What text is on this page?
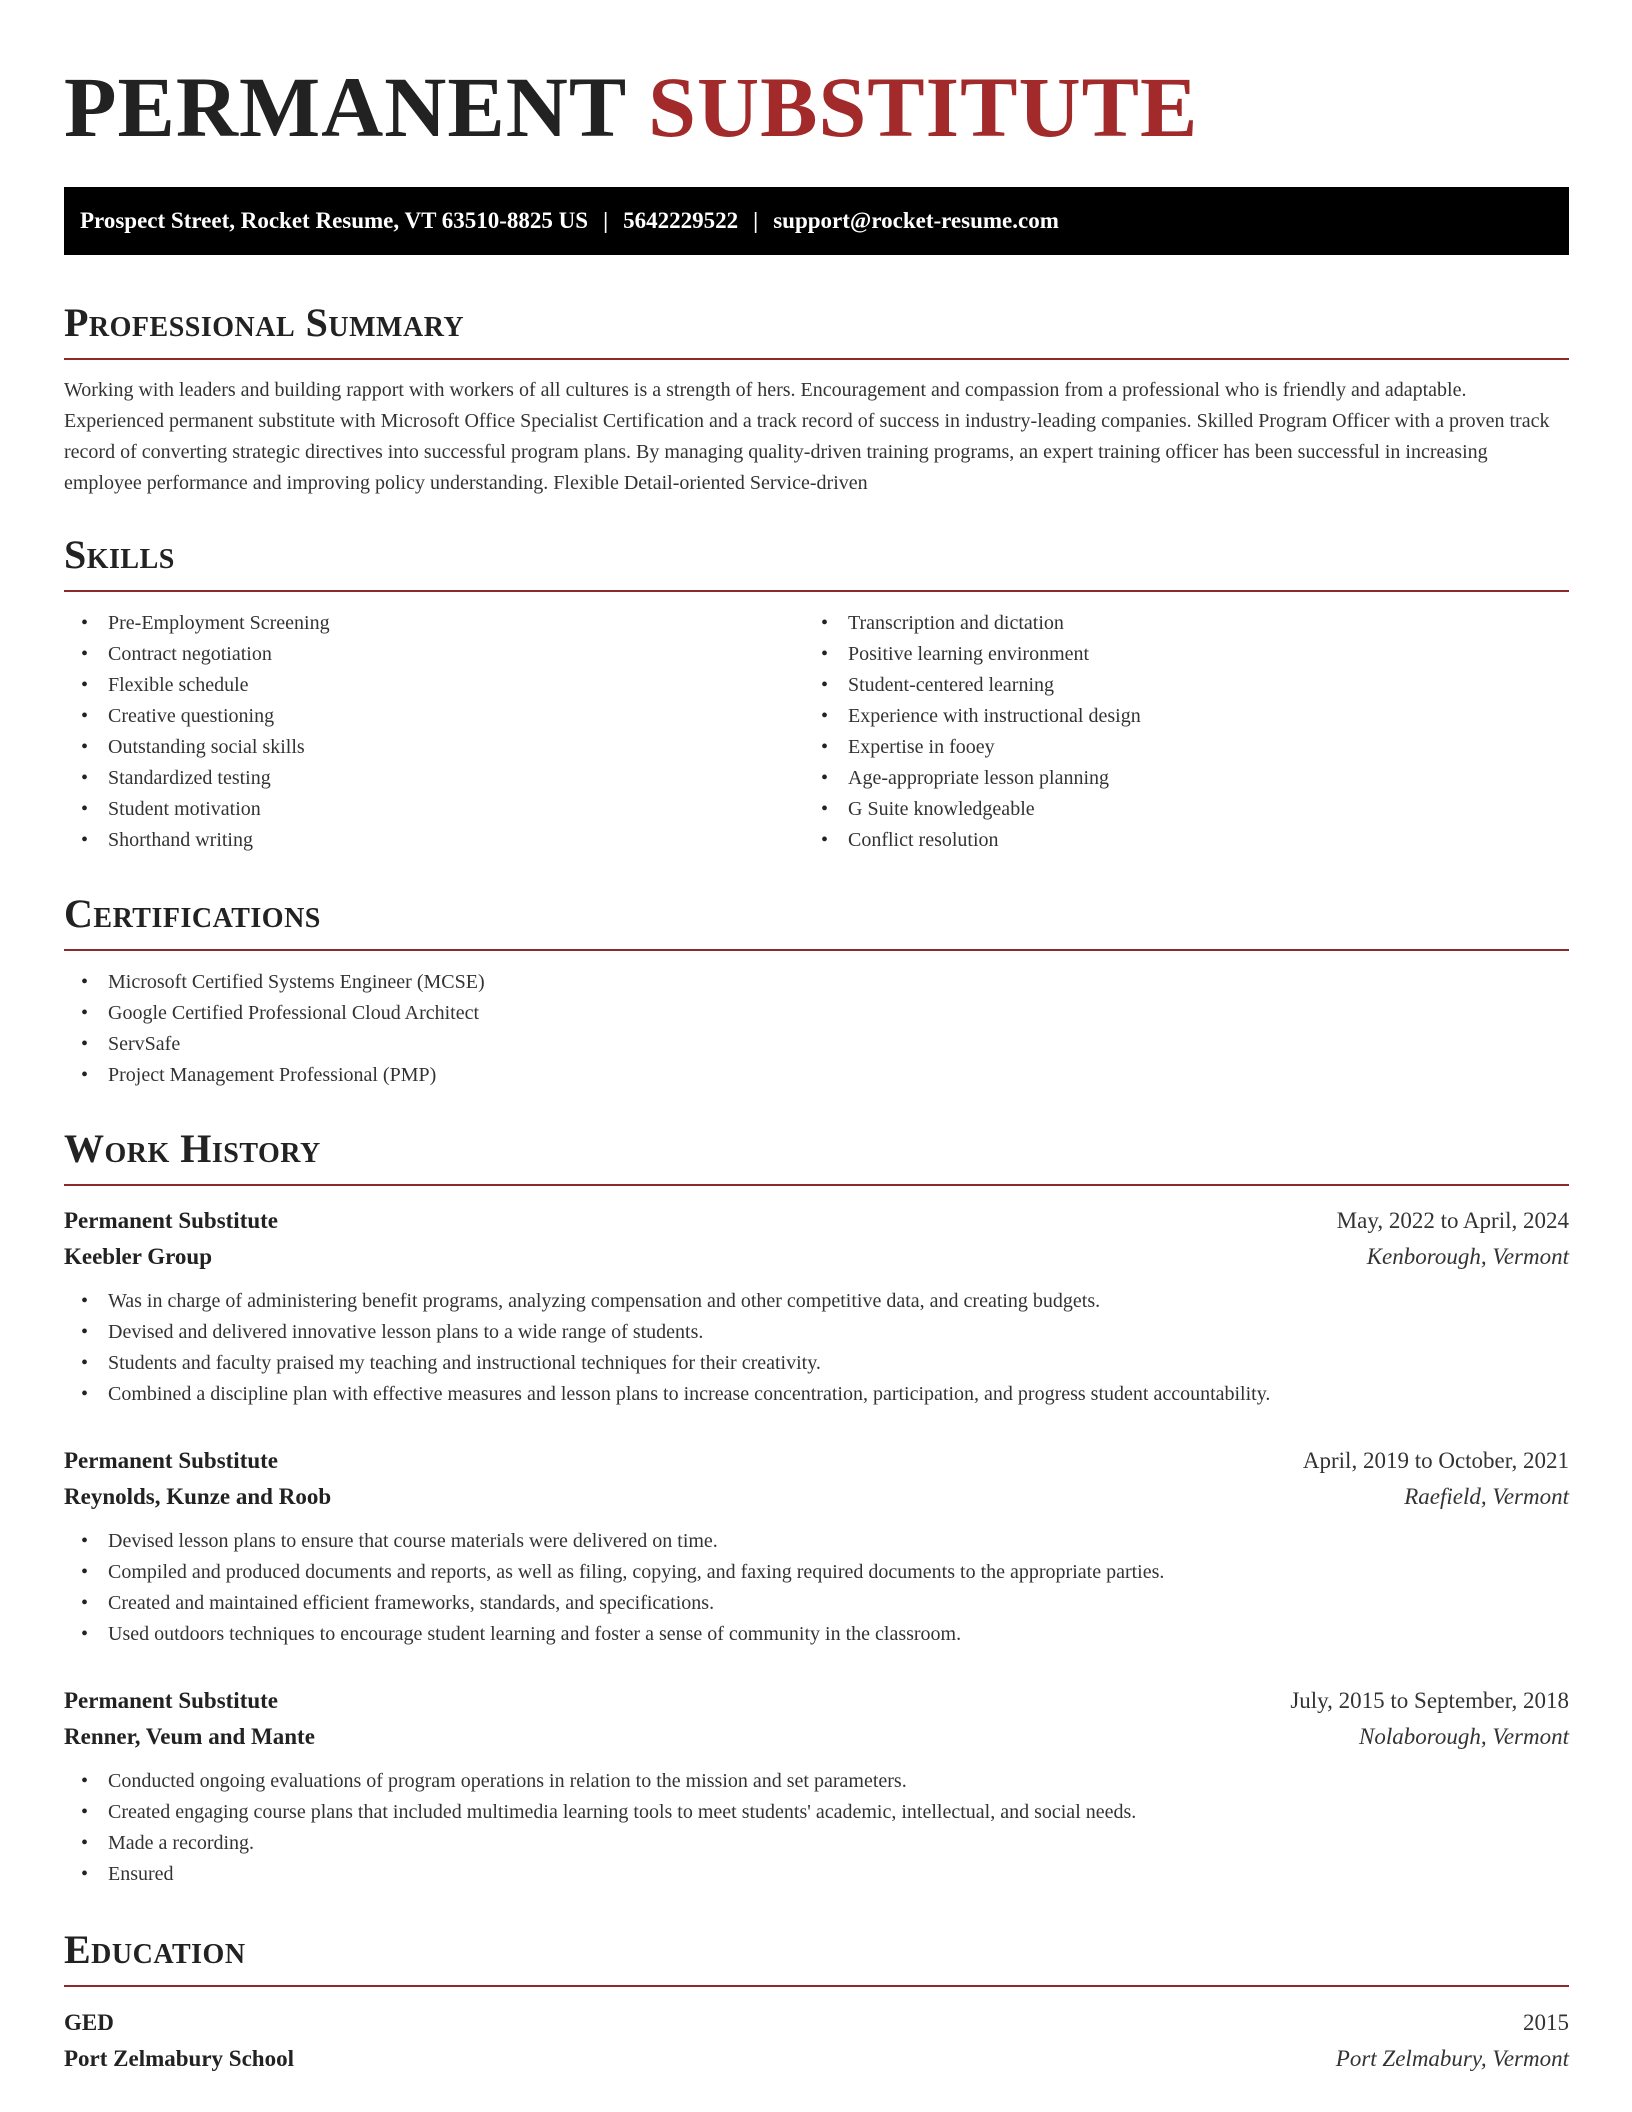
PERMANENT SUBSTITUTE
Prospect Street, Rocket Resume, VT 63510-8825 US | 5642229522 | support@rocket-resume.com
Professional Summary

Working with leaders and building rapport with workers of all cultures is a strength of hers. Encouragement and compassion from a professional who is friendly and adaptable. Experienced permanent substitute with Microsoft Office Specialist Certification and a track record of success in industry-leading companies. Skilled Program Officer with a proven track record of converting strategic directives into successful program plans. By managing quality-driven training programs, an expert training officer has been successful in increasing employee performance and improving policy understanding. Flexible Detail-oriented Service-driven

Skills
• Pre-Employment Screening
• Contract negotiation
• Flexible schedule
• Creative questioning
• Outstanding social skills
• Standardized testing
• Student motivation
• Shorthand writing
• Transcription and dictation
• Positive learning environment
• Student-centered learning
• Experience with instructional design
• Expertise in fooey
• Age-appropriate lesson planning
• G Suite knowledgeable
• Conflict resolution
Certifications
• Microsoft Certified Systems Engineer (MCSE)
• Google Certified Professional Cloud Architect
• ServSafe
• Project Management Professional (PMP)
Work History
Permanent Substitute	May, 2022 to April, 2024
Keebler Group	Kenborough, Vermont
• Was in charge of administering benefit programs, analyzing compensation and other competitive data, and creating budgets.
• Devised and delivered innovative lesson plans to a wide range of students.
• Students and faculty praised my teaching and instructional techniques for their creativity.
• Combined a discipline plan with effective measures and lesson plans to increase concentration, participation, and progress student accountability.
Permanent Substitute	April, 2019 to October, 2021
Reynolds, Kunze and Roob	Raefield, Vermont
• Devised lesson plans to ensure that course materials were delivered on time.
• Compiled and produced documents and reports, as well as filing, copying, and faxing required documents to the appropriate parties.
• Created and maintained efficient frameworks, standards, and specifications.
• Used outdoors techniques to encourage student learning and foster a sense of community in the classroom.
Permanent Substitute	July, 2015 to September, 2018
Renner, Veum and Mante	Nolaborough, Vermont
• Conducted ongoing evaluations of program operations in relation to the mission and set parameters.
• Created engaging course plans that included multimedia learning tools to meet students' academic, intellectual, and social needs.
• Made a recording.
• Ensured
Education
GED	2015
Port Zelmabury School	Port Zelmabury, Vermont
